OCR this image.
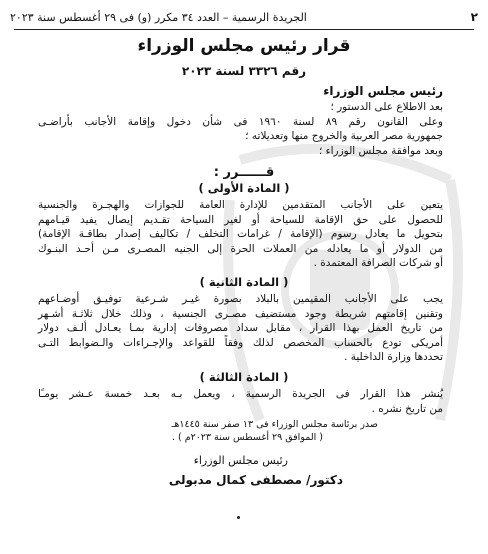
٢
الجريدة الرسمية – العدد ٣٤ مكرر (و) فى ٢٩ أغسطس سنة ٢٠٢٣
قرار رئيس مجلس الوزراء
رقم ٣٣٢٦ لسنة ٢٠٢٣
رئيس مجلس الوزراء
بعد الاطلاع على الدستور ؛
وعلى القانون رقم ٨٩ لسنة ١٩٦٠ فى شأن دخول وإقامة الأجانب بأراضـى
جمهورية مصر العربية والخروج منها وتعديلاته ؛
وبعد موافقة مجلس الوزراء ؛
قــــــرر :
( المادة الأولى )
يتعين على الأجانب المتقدمين للإدارة العامة للجوازات والهجـرة والجنسية
للحصول على حق الإقامة للسياحة أو لغير السياحة تقـديم إيصال يفيد قيـامهم
بتحويل ما يعادل رسوم (الإقامة / غرامات التخلف / تكاليف إصدار بطاقـة الإقامة)
من الدولار أو ما يعادله من العملات الحرة إلى الجنيه المصـرى مـن أحـد البنـوك
أو شركات الصرافة المعتمدة .
( المادة الثانية )
يجب على الأجانب المقيمين بالبلاد بصورة غيـر شـرعية توفيـق أوضـاعهم
وتقنين إقامتهم شريطة وجود مستضيف مصـرى الجنسية ، وذلك خلال ثلاثـة أشـهر
من تاريخ العمل بهذا القرار ، مقابل سداد مصروفات إدارية بمـا يعـادل ألـف دولار
أمريكى تودع بالحساب المخصص لذلك وفقاً للقواعد والإجـراءات والـضوابط التـى
تحددها وزارة الداخلية .
( المادة الثالثة )
يُنشر هذا القرار فى الجريدة الرسمية ، ويعمل بـه بعـد خمسة عـشر يومـًا
من تاريخ نشره .
صدر برئاسة مجلس الوزراء فى ١٣ صفر سنة ١٤٤٥هـ
( الموافق ٢٩ أغسطس سنة ٢٠٢٣م ) .
رئيس مجلس الوزراء
دكتور/ مصطفى كمال مدبولى
